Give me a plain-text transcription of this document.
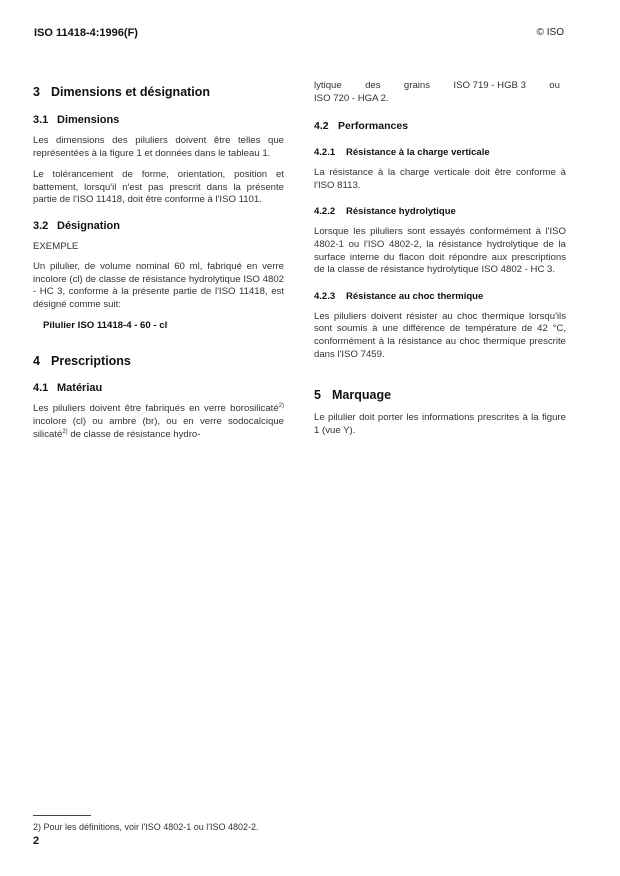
ISO 11418-4:1996(F)	© ISO
3 Dimensions et désignation
3.1 Dimensions

Les dimensions des piluliers doivent être telles que représentées à la figure 1 et données dans le tableau 1.

Le tolérancement de forme, orientation, position et battement, lorsqu'il n'est pas prescrit dans la présente partie de l'ISO 11418, doit être conforme à l'ISO 1101.

3.2 Désignation
EXEMPLE

Un pilulier, de volume nominal 60 ml, fabriqué en verre incolore (cl) de classe de résistance hydrolytique ISO 4802 - HC 3, conforme à la présente partie de l'ISO 11418, est désigné comme suit:

Pilulier ISO 11418-4 - 60 - cl
4 Prescriptions
4.1 Matériau

Les piluliers doivent être fabriqués en verre borosilicaté$^{2)}$ incolore (cl) ou ambre (br), ou en verre sodocalcique silicaté$^{2)}$ de classe de résistance hydro-

lytique des grains ISO 719 - HGB 3 ou

ISO 720 - HGA 2.

4.2 Performances
4.2.1 Résistance à la charge verticale

La résistance à la charge verticale doit être conforme à l'ISO 8113.

4.2.2 Résistance hydrolytique

Lorsque les piluliers sont essayés conformément à l'ISO 4802-1 ou l'ISO 4802-2, la résistance hydrolytique de la surface interne du flacon doit répondre aux prescriptions de la classe de résistance hydrolytique ISO 4802 - HC 3.

4.2.3 Résistance au choc thermique

Les piluliers doivent résister au choc thermique lorsqu'ils sont soumis à une différence de température de 42 °C, conformément à la résistance au choc thermique prescrite dans l'ISO 7459.

5 Marquage

Le pilulier doit porter les informations prescrites à la figure 1 (vue Y).

2) Pour les définitions, voir l'ISO 4802-1 ou l'ISO 4802-2.
2
